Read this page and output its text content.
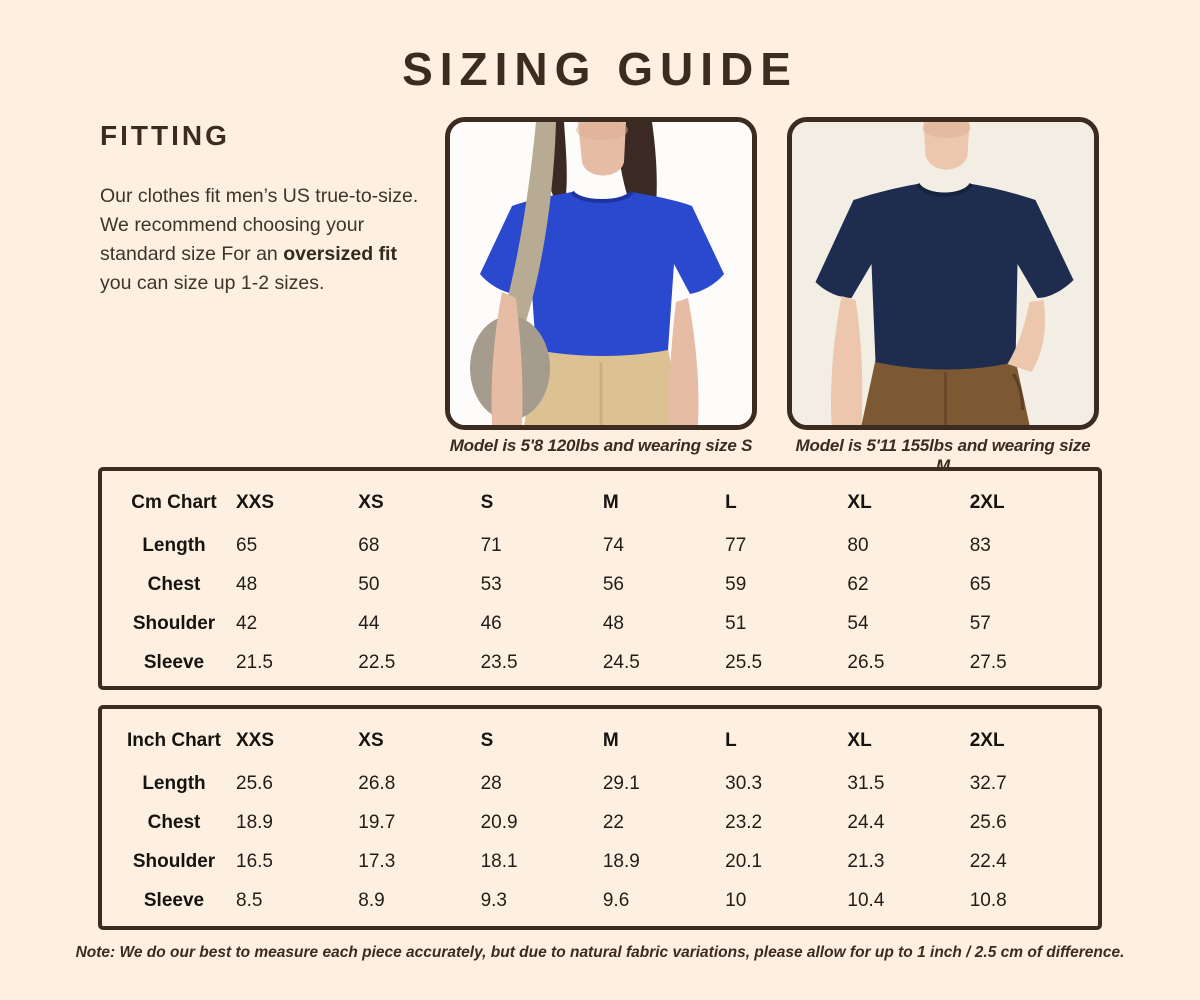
SIZING GUIDE
FITTING

Our clothes fit men’s US true-to-size. We recommend choosing your standard size For an oversized fit you can size up 1-2 sizes.

Model is 5'8 120lbs and wearing size S	Model is 5'11 155lbs and wearing size M
Cm Chart	XXS	XS	S	M	L	XL	2XL
Length	65	68	71	74	77	80	83
Chest	48	50	53	56	59	62	65
Shoulder	42	44	46	48	51	54	57
Sleeve	21.5	22.5	23.5	24.5	25.5	26.5	27.5
Inch Chart XXS	XS	S	M	L	XL	2XL
Length	25.6	26.8	28	29.1	30.3	31.5	32.7
Chest	18.9	19.7	20.9	22	23.2	24.4	25.6
Shoulder	16.5	17.3	18.1	18.9	20.1	21.3	22.4
Sleeve	8.5	8.9	9.3	9.6	10	10.4	10.8
Note: We do our best to measure each piece accurately, but due to natural fabric variations, please allow for up to 1 inch / 2.5 cm of difference.
